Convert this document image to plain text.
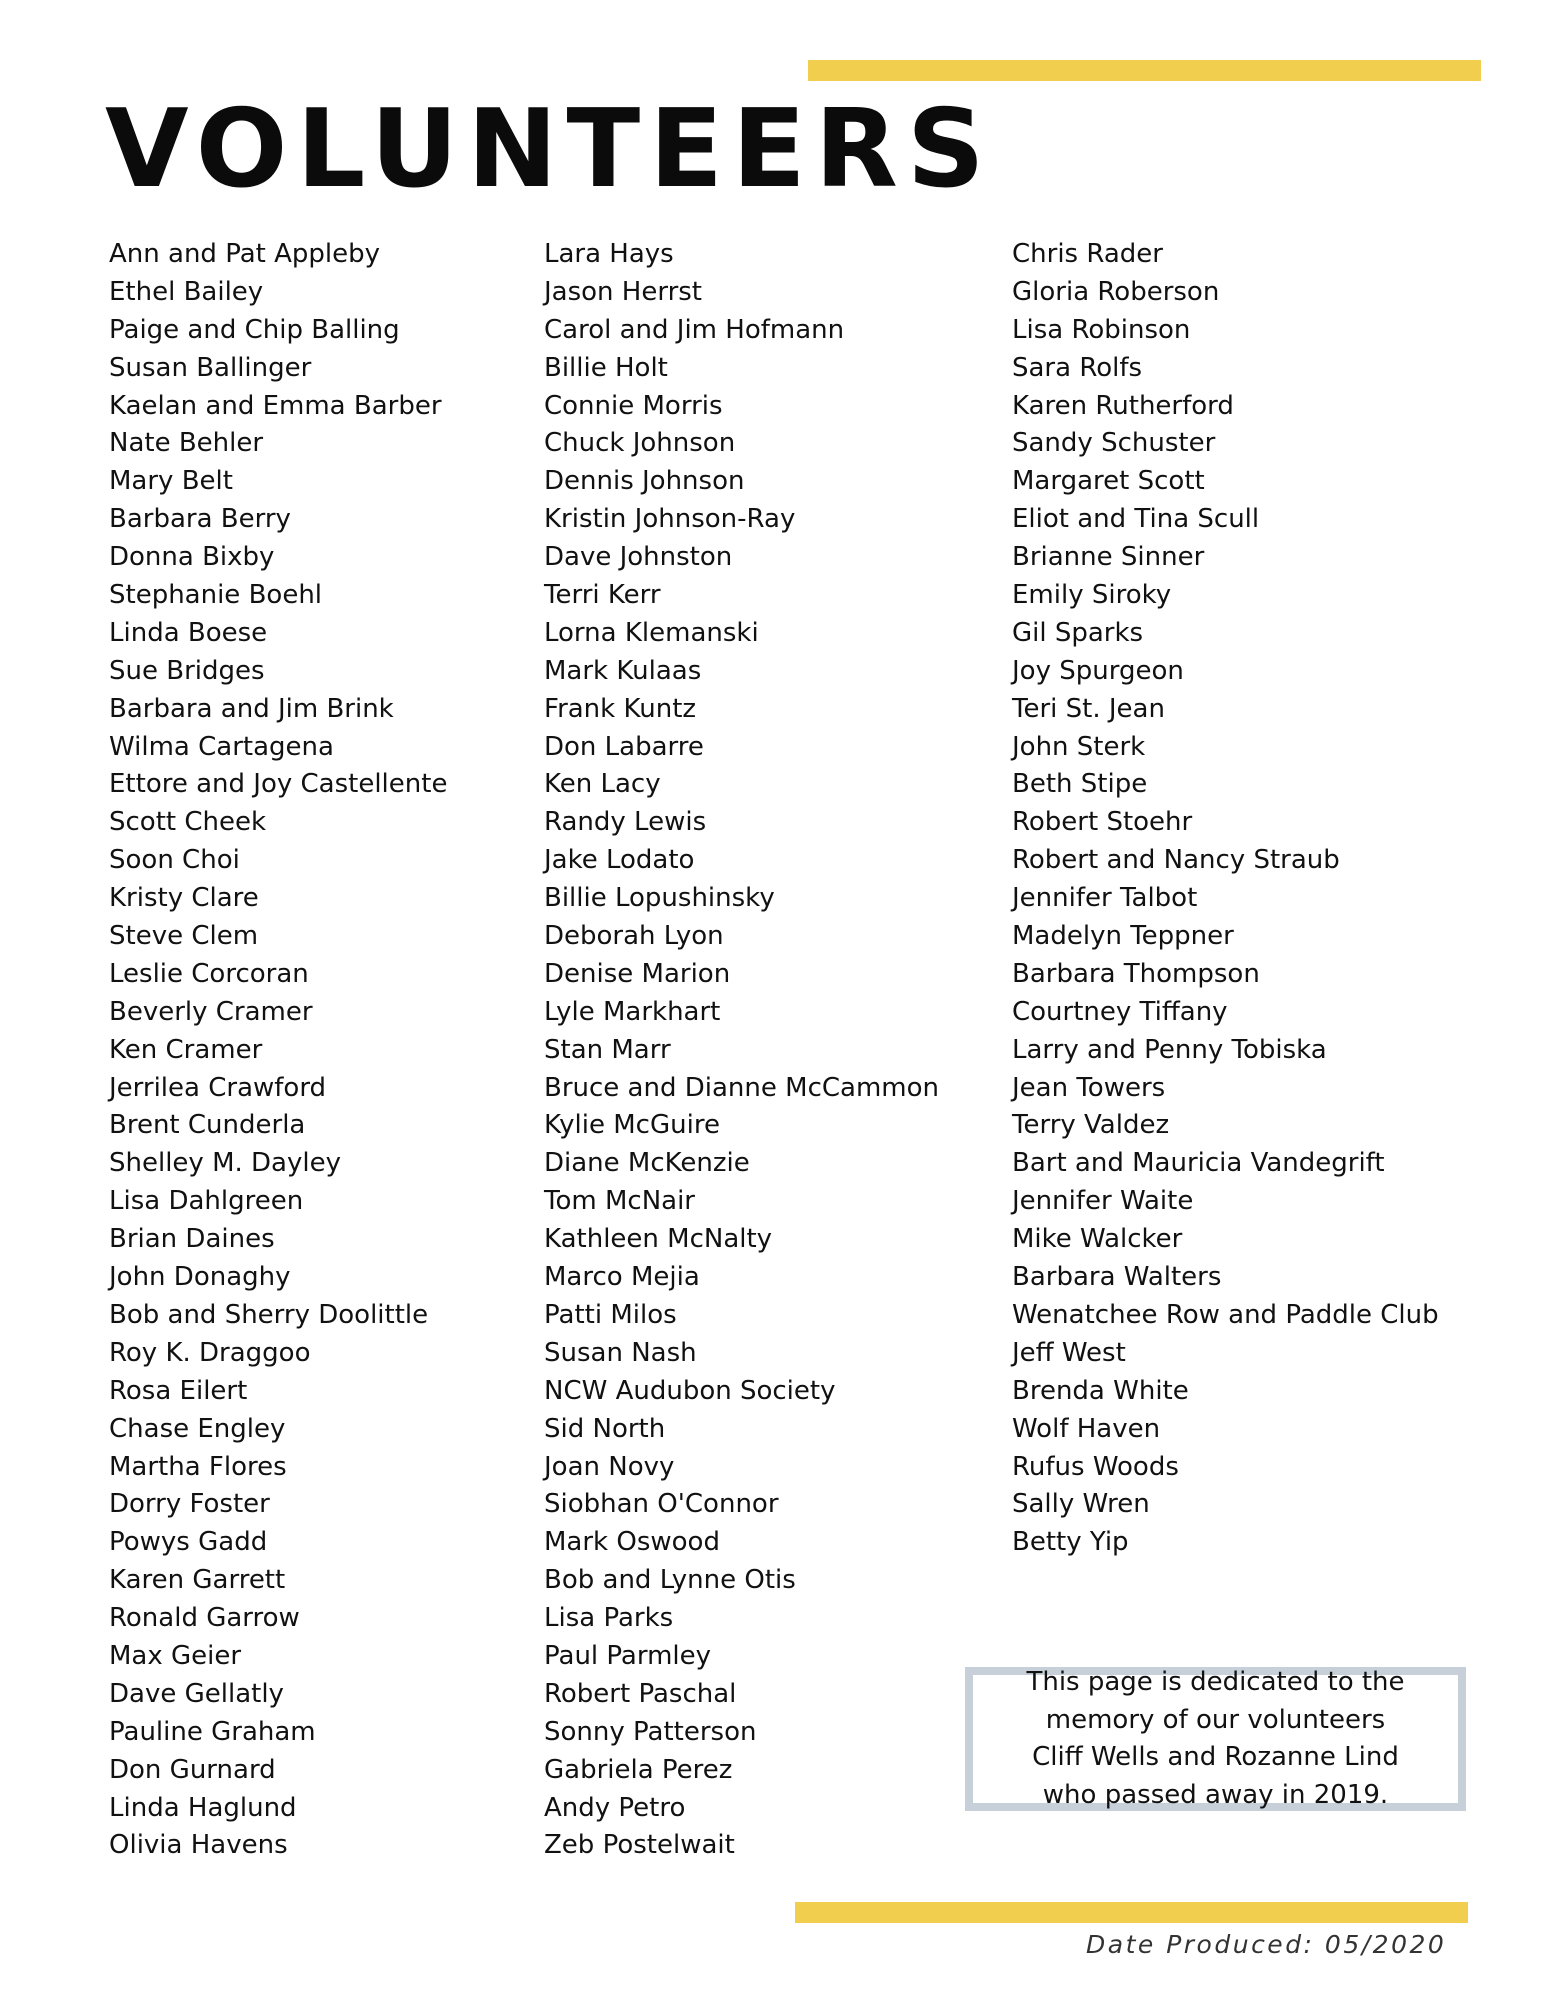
VOLUNTEERS
Ann and Pat Appleby
Ethel Bailey
Paige and Chip Balling
Susan Ballinger
Kaelan and Emma Barber
Nate Behler
Mary Belt
Barbara Berry
Donna Bixby
Stephanie Boehl
Linda Boese
Sue Bridges
Barbara and Jim Brink
Wilma Cartagena
Ettore and Joy Castellente
Scott Cheek
Soon Choi
Kristy Clare
Steve Clem
Leslie Corcoran
Beverly Cramer
Ken Cramer
Jerrilea Crawford
Brent Cunderla
Shelley M. Dayley
Lisa Dahlgreen
Brian Daines
John Donaghy
Bob and Sherry Doolittle
Roy K. Draggoo
Rosa Eilert
Chase Engley
Martha Flores
Dorry Foster
Powys Gadd
Karen Garrett
Ronald Garrow
Max Geier
Dave Gellatly
Pauline Graham
Don Gurnard
Linda Haglund
Olivia Havens
Lara Hays
Jason Herrst
Carol and Jim Hofmann
Billie Holt
Connie Morris
Chuck Johnson
Dennis Johnson
Kristin Johnson-Ray
Dave Johnston
Terri Kerr
Lorna Klemanski
Mark Kulaas
Frank Kuntz
Don Labarre
Ken Lacy
Randy Lewis
Jake Lodato
Billie Lopushinsky
Deborah Lyon
Denise Marion
Lyle Markhart
Stan Marr
Bruce and Dianne McCammon
Kylie McGuire
Diane McKenzie
Tom McNair
Kathleen McNalty
Marco Mejia
Patti Milos
Susan Nash
NCW Audubon Society
Sid North
Joan Novy
Siobhan O'Connor
Mark Oswood
Bob and Lynne Otis
Lisa Parks
Paul Parmley
Robert Paschal
Sonny Patterson
Gabriela Perez
Andy Petro
Zeb Postelwait
Chris Rader
Gloria Roberson
Lisa Robinson
Sara Rolfs
Karen Rutherford
Sandy Schuster
Margaret Scott
Eliot and Tina Scull
Brianne Sinner
Emily Siroky
Gil Sparks
Joy Spurgeon
Teri St. Jean
John Sterk
Beth Stipe
Robert Stoehr
Robert and Nancy Straub
Jennifer Talbot
Madelyn Teppner
Barbara Thompson
Courtney Tiffany
Larry and Penny Tobiska
Jean Towers
Terry Valdez
Bart and Mauricia Vandegrift
Jennifer Waite
Mike Walcker
Barbara Walters
Wenatchee Row and Paddle Club
Jeff West
Brenda White
Wolf Haven
Rufus Woods
Sally Wren
Betty Yip
This page is dedicated to the
memory of our volunteers
Cliff Wells and Rozanne Lind
who passed away in 2019.
Date Produced: 05/2020
